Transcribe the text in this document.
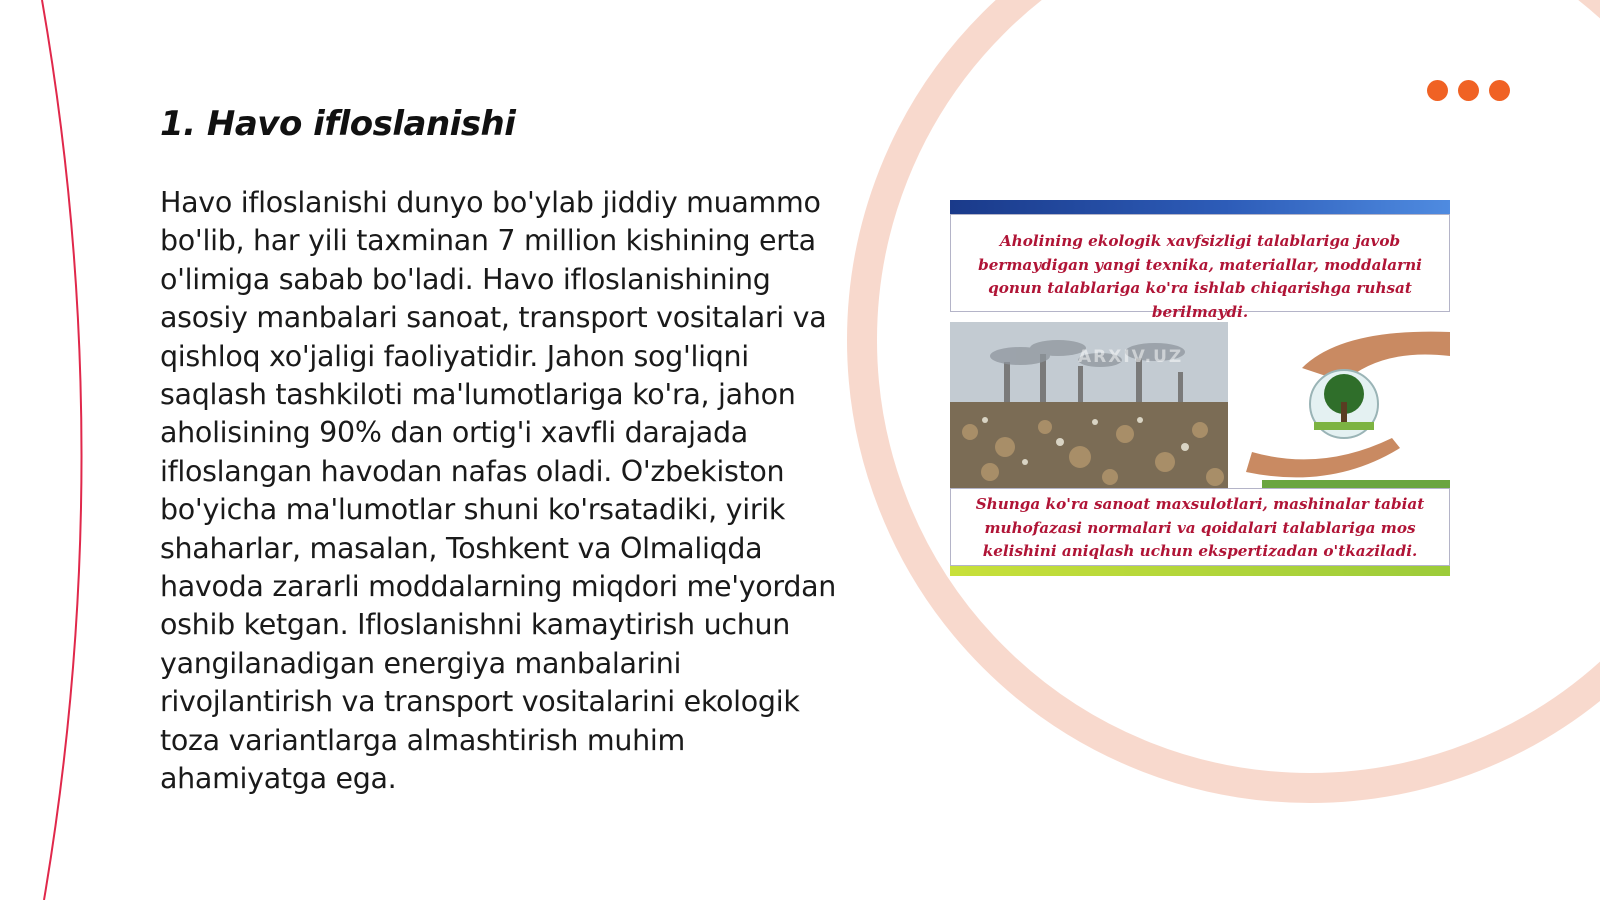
1. Havo ifloslanishi

Havo ifloslanishi dunyo bo'ylab jiddiy muammo bo'lib, har yili taxminan 7 million kishining erta o'limiga sabab bo'ladi. Havo ifloslanishining asosiy manbalari sanoat, transport vositalari va qishloq xo'jaligi faoliyatidir. Jahon sog'liqni saqlash tashkiloti ma'lumotlariga ko'ra, jahon aholisining 90% dan ortig'i xavfli darajada ifloslangan havodan nafas oladi. O'zbekiston bo'yicha ma'lumotlar shuni ko'rsatadiki, yirik shaharlar, masalan, Toshkent va Olmaliqda havoda zararli moddalarning miqdori me'yordan oshib ketgan. Ifloslanishni kamaytirish uchun yangilanadigan energiya manbalarini rivojlantirish va transport vositalarini ekologik toza variantlarga almashtirish muhim ahamiyatga ega.

Aholining ekologik xavfsizligi talablariga javob bermaydigan yangi texnika, materiallar, moddalarni qonun talablariga ko'ra ishlab chiqarishga ruhsat berilmaydi.
ARXIV.UZ
Shunga ko'ra sanoat maxsulotlari, mashinalar tabiat muhofazasi normalari va qoidalari talablariga mos kelishini aniqlash uchun ekspertizadan o'tkaziladi.
